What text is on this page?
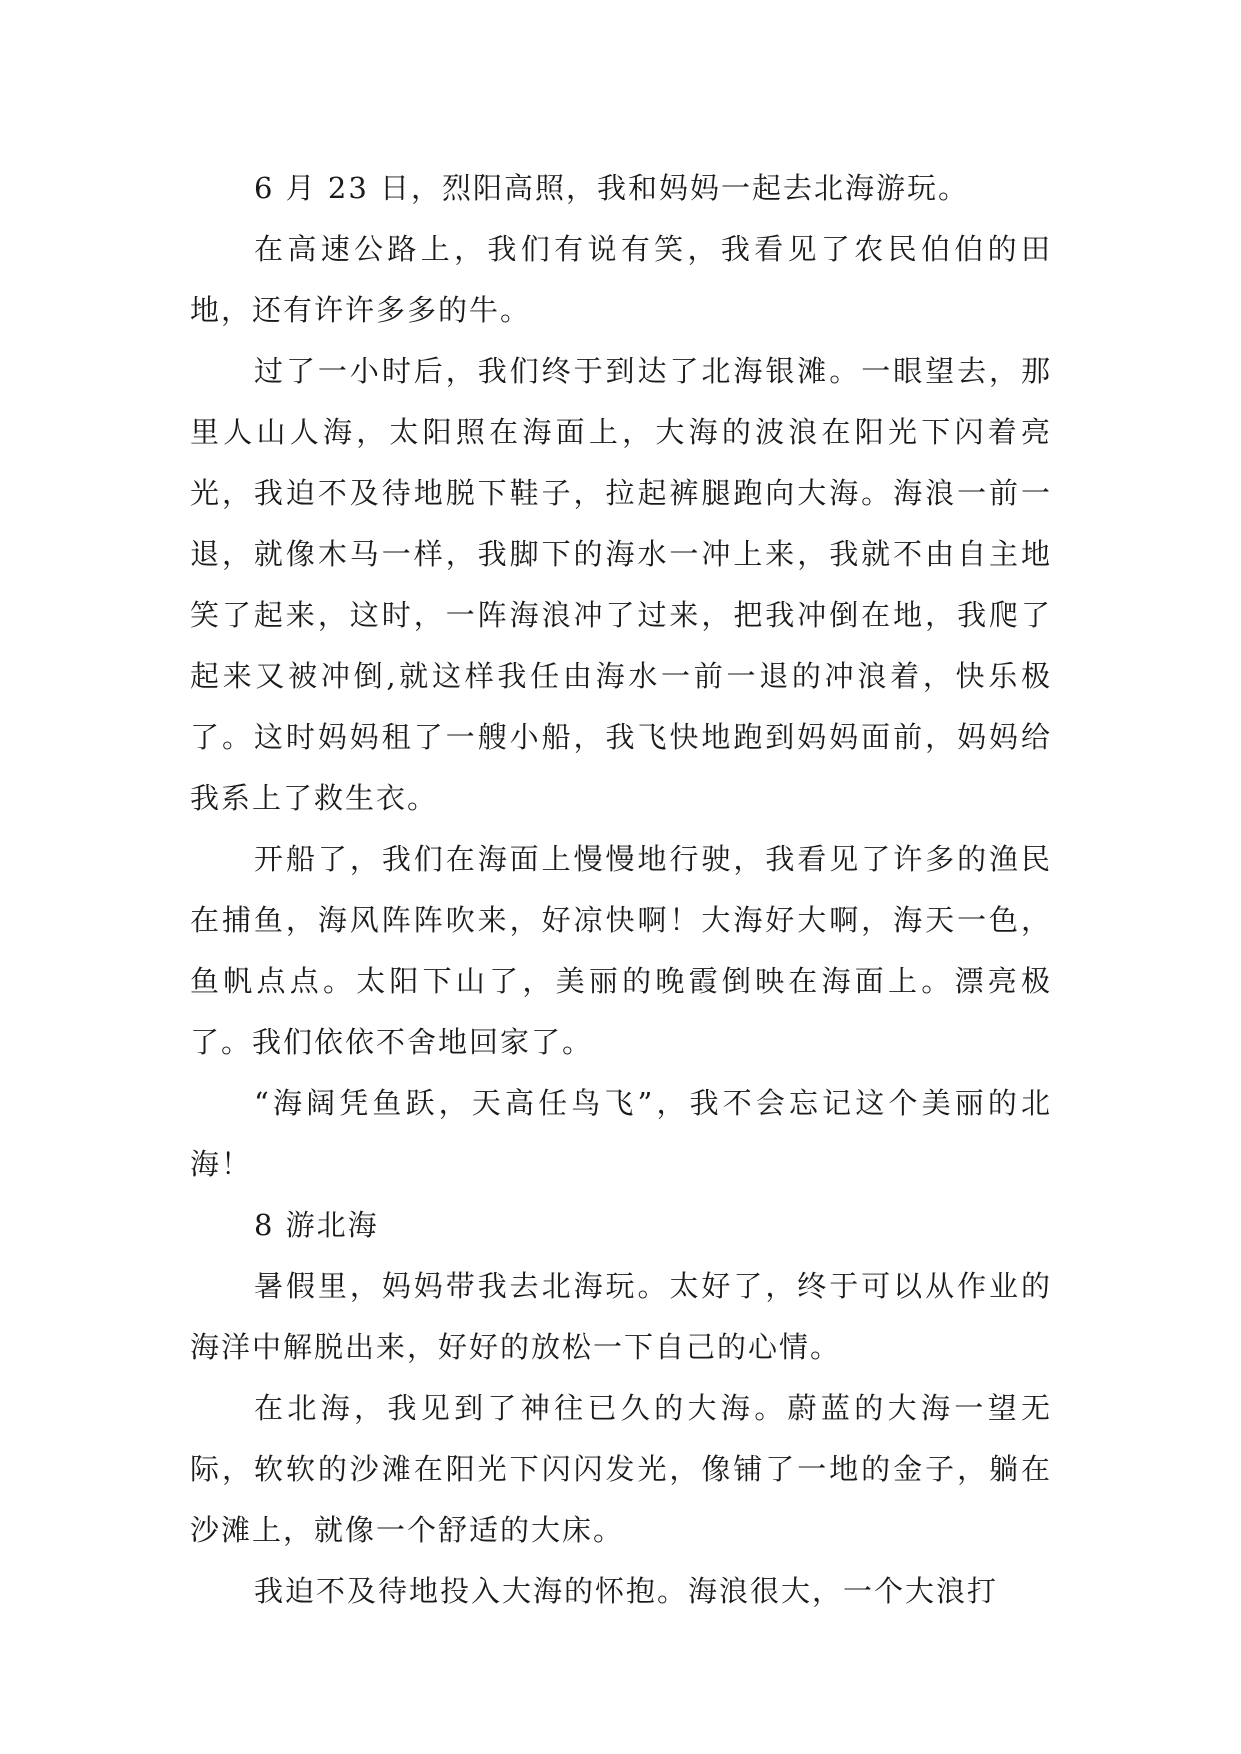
6 月 23 日，烈阳高照，我和妈妈一起去北海游玩。

在高速公路上，我们有说有笑，我看见了农民伯伯的田地，还有许许多多的牛。

过了一小时后，我们终于到达了北海银滩。一眼望去，那里人山人海，太阳照在海面上，大海的波浪在阳光下闪着亮光，我迫不及待地脱下鞋子，拉起裤腿跑向大海。海浪一前一退，就像木马一样，我脚下的海水一冲上来，我就不由自主地笑了起来，这时，一阵海浪冲了过来，把我冲倒在地，我爬了起来又被冲倒,就这样我任由海水一前一退的冲浪着，快乐极了。这时妈妈租了一艘小船，我飞快地跑到妈妈面前，妈妈给我系上了救生衣。

开船了，我们在海面上慢慢地行驶，我看见了许多的渔民在捕鱼，海风阵阵吹来，好凉快啊！大海好大啊，海天一色，鱼帆点点。太阳下山了，美丽的晚霞倒映在海面上。漂亮极了。我们依依不舍地回家了。

“海阔凭鱼跃，天高任鸟飞”，我不会忘记这个美丽的北海！

8 游北海

暑假里，妈妈带我去北海玩。太好了，终于可以从作业的海洋中解脱出来，好好的放松一下自己的心情。

在北海，我见到了神往已久的大海。蔚蓝的大海一望无际，软软的沙滩在阳光下闪闪发光，像铺了一地的金子，躺在沙滩上，就像一个舒适的大床。

我迫不及待地投入大海的怀抱。海浪很大，一个大浪打
